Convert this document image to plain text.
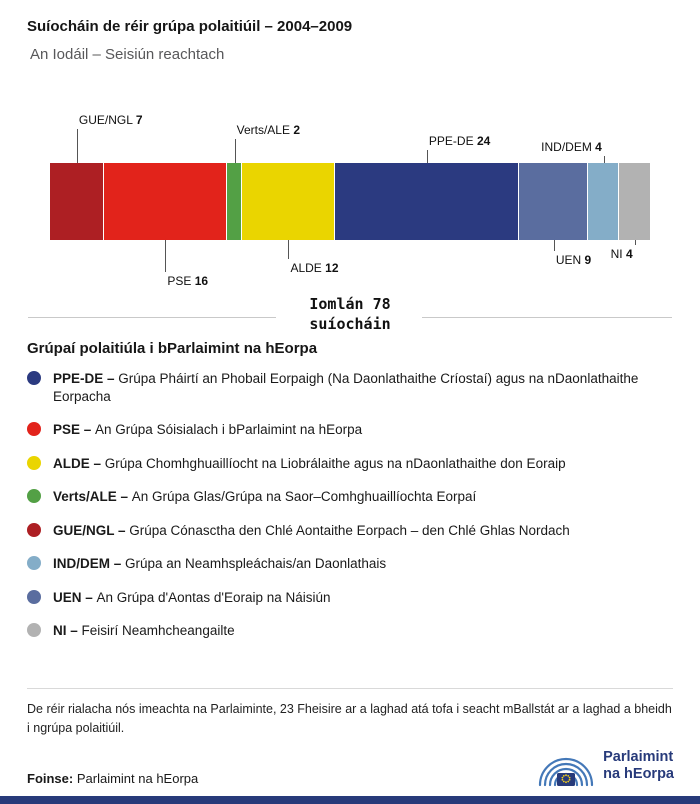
Suíocháin de réir grúpa polaitiúil – 2004–2009
An Iodáil – Seisiún reachtach
GUE/NGL 7
PSE 16
Verts/ALE 2
ALDE 12
PPE-DE 24
UEN 9
IND/DEM 4
NI 4
Iomlán 78
suíocháin
Grúpaí polaitiúla i bParlaimint na hEorpa
PPE-DE – Grúpa Pháirtí an Phobail Eorpaigh (Na Daonlathaithe Críostaí) agus na nDaonlathaithe Eorpacha
PSE – An Grúpa Sóisialach i bParlaimint na hEorpa
ALDE – Grúpa Chomhghuaillíocht na Liobrálaithe agus na nDaonlathaithe don Eoraip
Verts/ALE – An Grúpa Glas/Grúpa na Saor–Comhghuaillíochta Eorpaí
GUE/NGL – Grúpa Cónasctha den Chlé Aontaithe Eorpach – den Chlé Ghlas Nordach
IND/DEM – Grúpa an Neamhspleáchais/an Daonlathais
UEN – An Grúpa d'Aontas d'Eoraip na Náisiún
NI – Feisirí Neamhcheangailte
De réir rialacha nós imeachta na Parlaiminte, 23 Fheisire ar a laghad atá tofa i seacht mBallstát ar a laghad a bheidh i ngrúpa polaitiúil.
Foinse: Parlaimint na hEorpa
Parlaimint
na hEorpa
